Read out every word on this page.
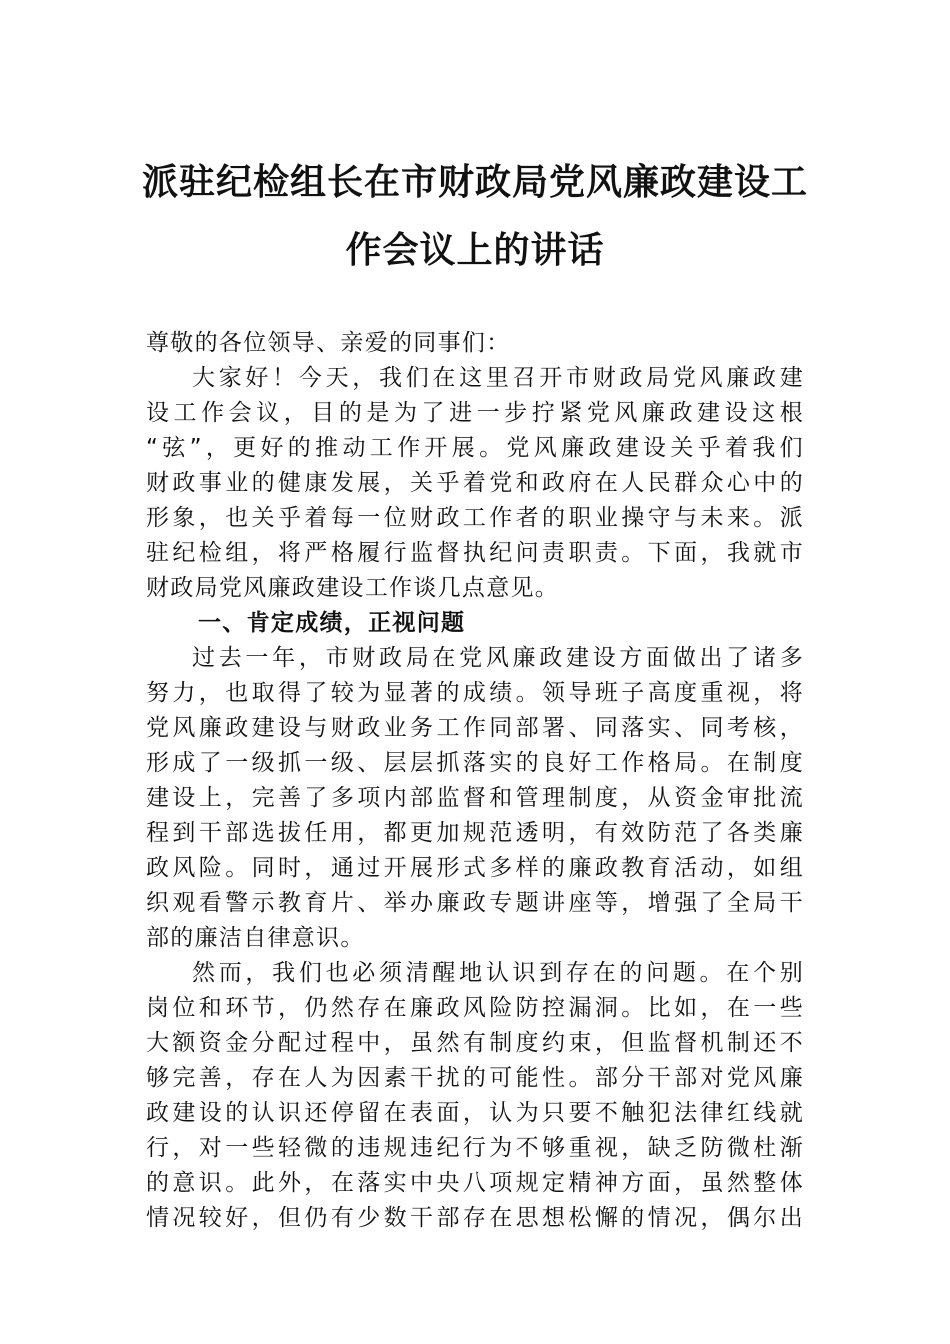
派驻纪检组长在市财政局党风廉政建设工
作会议上的讲话
尊敬的各位领导、亲爱的同事们：
大家好！今天，我们在这里召开市财政局党风廉政建
设工作会议，目的是为了进一步拧紧党风廉政建设这根
“弦”，更好的推动工作开展。党风廉政建设关乎着我们
财政事业的健康发展，关乎着党和政府在人民群众心中的
形象，也关乎着每一位财政工作者的职业操守与未来。派
驻纪检组，将严格履行监督执纪问责职责。下面，我就市
财政局党风廉政建设工作谈几点意见。
一、肯定成绩，正视问题
过去一年，市财政局在党风廉政建设方面做出了诸多
努力，也取得了较为显著的成绩。领导班子高度重视，将
党风廉政建设与财政业务工作同部署、同落实、同考核，
形成了一级抓一级、层层抓落实的良好工作格局。在制度
建设上，完善了多项内部监督和管理制度，从资金审批流
程到干部选拔任用，都更加规范透明，有效防范了各类廉
政风险。同时，通过开展形式多样的廉政教育活动，如组
织观看警示教育片、举办廉政专题讲座等，增强了全局干
部的廉洁自律意识。
然而，我们也必须清醒地认识到存在的问题。在个别
岗位和环节，仍然存在廉政风险防控漏洞。比如，在一些
大额资金分配过程中，虽然有制度约束，但监督机制还不
够完善，存在人为因素干扰的可能性。部分干部对党风廉
政建设的认识还停留在表面，认为只要不触犯法律红线就
行，对一些轻微的违规违纪行为不够重视，缺乏防微杜渐
的意识。此外，在落实中央八项规定精神方面，虽然整体
情况较好，但仍有少数干部存在思想松懈的情况，偶尔出
